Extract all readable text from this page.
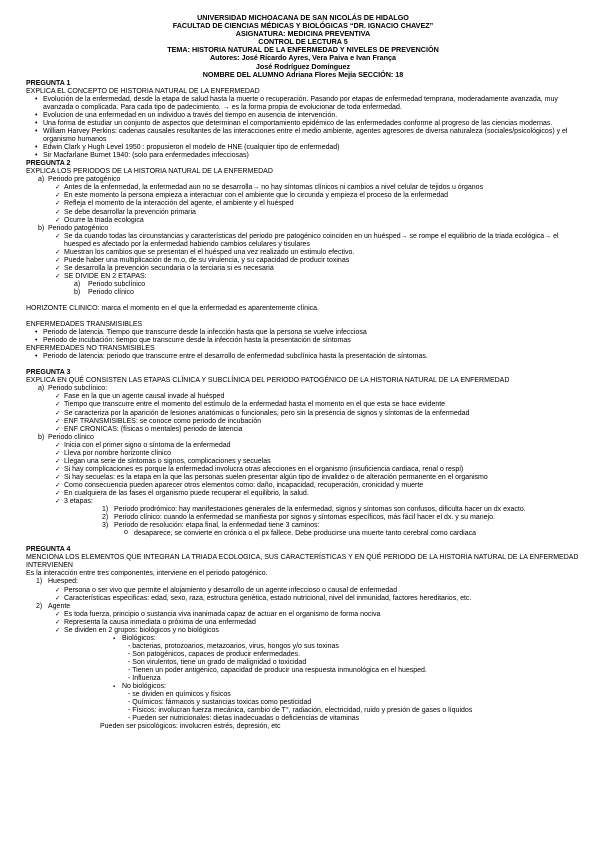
UNIVERSIDAD MICHOACANA DE SAN NICOLÁS DE HIDALGO
FACULTAD DE CIENCIAS MÉDICAS Y BIOLÓGICAS “DR. IGNACIO CHAVEZ”
ASIGNATURA: MEDICINA PREVENTIVA
CONTROL DE LECTURA 5
TEMA: HISTORIA NATURAL DE LA ENFERMEDAD Y NIVELES DE PREVENCIÓN
Autores: José Ricardo Ayres, Vera Paiva e Ivan França
José Rodríguez Domínguez
NOMBRE DEL ALUMNO Adriana Flores Mejía SECCIÓN: 18
PREGUNTA 1
EXPLICA EL CONCEPTO DE HISTORIA NATURAL DE LA ENFERMEDAD
• Evolución de la enfermedad, desde la etapa de salud hasta la muerte o recuperación. Pasando por etapas de enfermedad temprana, moderadamente avanzada, muy avanzada o complicada. Para cada tipo de padecimiento. → es la forma propia de evolucionar de toda enfermedad.
• Evolucion de una enfermedad en un individuo a través del tiempo en ausencia de intervención.
• Una forma de estudiar un conjunto de aspectos que determinan el comportamiento epidémico de las enfermedades conforme al progreso de las ciencias modernas.
• William Harvey Perkins: cadenas causales resultantes de las interacciones entre el medio ambiente, agentes agresores de diversa naturaleza (sociales/psicológicos) y el organismo humanos
• Edwin Clark y Hugh Level 1950 : propusieron el modelo de HNE (cualquier tipo de enfermedad)
• Sir Macfarlane Burnet 1940: (solo para enfermedades infecciosas)
PREGUNTA 2
EXPLICA LOS PERIODOS DE LA HISTORIA NATURAL DE LA ENFERMEDAD
a) Periodo pre patogénico
✓ Antes de la enfermedad, la enfermedad aun no se desarrolla→ no hay síntomas clínicos ni cambios a nivel celular de tejidos u órganos
✓ En este momento la persona empieza a interactuar con el ambiente que lo circunda y empieza el proceso de la enfermedad
✓ Refleja el momento de la interacción del agente, el ambiente y el huésped
✓ Se debe desarrollar la prevención primaria
✓ Ocurre la triada ecologica
b) Periodo patogénico
✓ Se da cuando todas las circunstancias y características del periodo pre patogénico coinciden en un huésped→ se rompe el equilibrio de la triada ecológica→ el huesped es afectado por la enfermedad habiendo cambios celulares y tisulares
✓ Muestran los cambios que se presentan el el huésped una vez realizado un estimulo efectivo.
✓ Puede haber una multiplicación de m.o, de su virulencia, y su capacidad de producir toxinas
✓ Se desarrolla la prevención secundaria o la terciaria si es necesaria
✓ SE DIVIDE EN 2 ETAPAS:
a) Periodo subclínico
b) Periodo clínico
HORIZONTE CLINICO: marca el momento en el que la enfermedad es aparentemente clínica.
ENFERMEDADES TRANSMISIBLES
• Periodo de latencia. Tiempo que transcurre desde la infección hasta que la persona se vuelve infecciosa
• Periodo de incubación: tiempo que transcurre desde la infección hasta la presentación de síntomas
ENFERMEDADES NO TRANSMISIBLES
• Periodo de latencia: periodo que transcurre entre el desarrollo de enfermedad subclínica hasta la presentación de síntomas.
PREGUNTA 3
EXPLICA EN QUÉ CONSISTEN LAS ETAPAS CLÍNICA Y SUBCLÍNICA DEL PERIODO PATOGÉNICO DE LA HISTORIA NATURAL DE LA ENFERMEDAD
a) Periodo subclínico:
✓ Fase en la que un agente causal invade al huésped
✓ Tiempo que transcurre entre el momento del estímulo de la enfermedad hasta el momento en el que esta se hace evidente
✓ Se caracteriza por la aparición de lesiones anatómicas o funcionales, pero sin la presencia de signos y síntomas de la enfermedad
✓ ENF TRANSMISIBLES: se conoce como periodo de incubación
✓ ENF CRONICAS: (físicas o mentales) periodo de latencia
b) Periodo clínico
✓ Inicia con el primer signo o síntoma de la enfermedad
✓ Lleva por nombre horizonte clínico
✓ Llegan una serie de síntomas o signos, complicaciones y secuelas
✓ Si hay complicaciones es porque la enfermedad involucra otras afecciones en el organismo (insuficiencia cardiaca, renal o respi)
✓ Si hay secuelas: es la etapa en la que las personas suelen presentar algún tipo de invalidez o de alteración permanente en el organismo
✓ Como consecuencia pueden aparecer otros elementos como: daño, incapacidad, recuperación, cronicidad y muerte
✓ En cualquiera de las fases el organismo puede recuperar el equilibrio, la salud.
✓ 3 etapas:
1) Periodo prodrómico: hay manifestaciones generales de la enfermedad, signos y síntomas son confusos, dificulta hacer un dx exacto.
2) Periodo clínico: cuando la enfermedad se manifiesta por signos y síntomas específicos, más fácil hacer el dx. y su manejo.
3) Periodo de resolución: etapa final, la enfermedad tiene 3 caminos:
o desaparece, se convierte en crónica o el px fallece. Debe producirse una muerte tanto cerebral como cardiaca
PREGUNTA 4
MENCIONA LOS ELEMENTOS QUE INTEGRAN LA TRIADA ECOLOGICA, SUS CARACTERÍSTICAS Y EN QUÉ PERIODO DE LA HISTORIA NATURAL DE LA ENFERMEDAD INTERVIENEN
Es la interacción entre tres componentes, interviene en el periodo patogénico.
1) Huesped:
✓ Persona o ser vivo que permite el alojamiento y desarrollo de un agente infeccioso o causal de enfermedad
✓ Características especificas: edad, sexo, raza, estructura genética, estado nutricional, nivel del inmunidad, factores hereditarios, etc.
2) Agente
✓ Es toda fuerza, principio o sustancia viva inanimada capaz de actuar en el organismo de forma nociva
✓ Representa la causa inmediata o próxima de una enfermedad
✓ Se dividen en 2 grupos: biológicos y no biológicos
▪ Biológicos:
- bacterias, protozoarios, metazoarios, virus, hongos y/o sus toxinas
- Son patogénicos, capaces de producir enfermedades.
- Son virulentos, tiene un grado de malignidad o toxicidad
- Tienen un poder antigénico, capacidad de producir una respuesta inmunológica en el huesped.
- Influenza
▪ No biológicos:
- se dividen en químicos y físicos
- Químicos: fármacos y sustancias toxicas como pesticidad
- Físicos: involucran fuerza mecánica, cambio de T°, radiación, electricidad, ruido y presión de gases o líquidos
- Pueden ser nutricionales: dietas inadecuadas o deficiencias de vitaminas
Pueden ser psicológicos: involucren estrés, depresión, etc
